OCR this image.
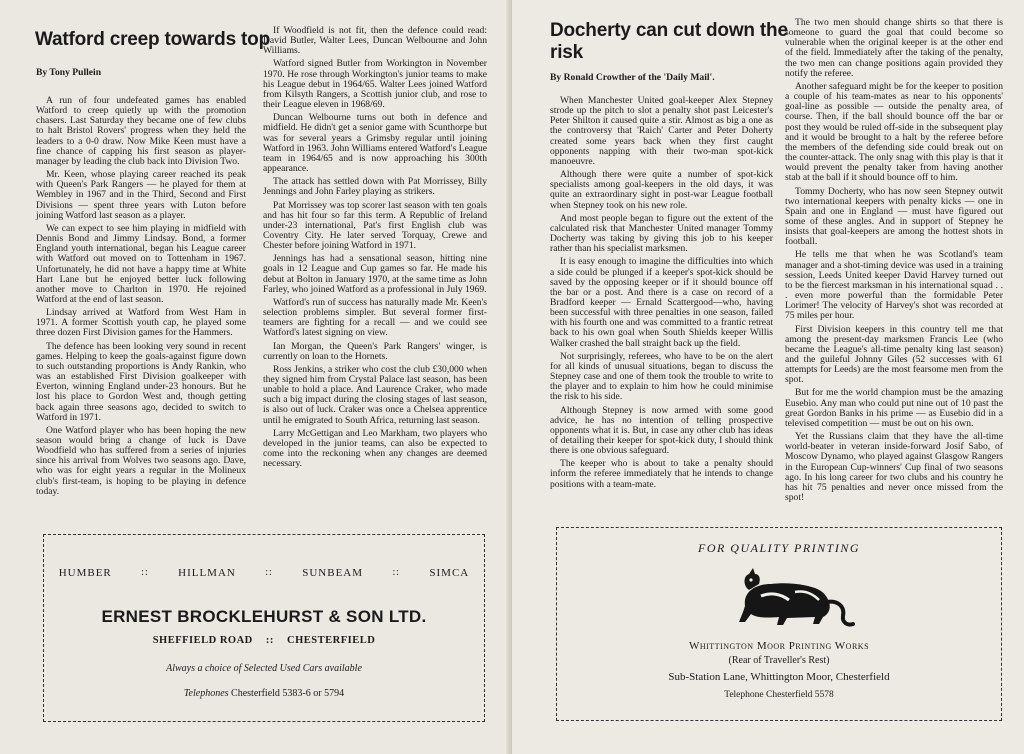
Watford creep towards top
By Tony Pullein

A run of four undefeated games has enabled Watford to creep quietly up with the promotion chasers. Last Saturday they became one of few clubs to halt Bristol Rovers' progress when they held the leaders to a 0-0 draw. Now Mike Keen must have a fine chance of capping his first season as player-manager by leading the club back into Division Two.

Mr. Keen, whose playing career reached its peak with Queen's Park Rangers — he played for them at Wembley in 1967 and in the Third, Second and First Divisions — spent three years with Luton before joining Watford last season as a player.

We can expect to see him playing in midfield with Dennis Bond and Jimmy Lindsay. Bond, a former England youth international, began his League career with Watford out moved on to Tottenham in 1967. Unfortunately, he did not have a happy time at White Hart Lane but he enjoyed better luck following another move to Charlton in 1970. He rejoined Watford at the end of last season.

Lindsay arrived at Watford from West Ham in 1971. A former Scottish youth cap, he played some three dozen First Division games for the Hammers.

The defence has been looking very sound in recent games. Helping to keep the goals-against figure down to such outstanding proportions is Andy Rankin, who was an established First Division goalkeeper with Everton, winning England under-23 honours. But he lost his place to Gordon West and, though getting back again three seasons ago, decided to switch to Watford in 1971.

One Watford player who has been hoping the new season would bring a change of luck is Dave Woodfield who has suffered from a series of injuries since his arrival from Wolves two seasons ago. Dave, who was for eight years a regular in the Molineux club's first-team, is hoping to be playing in defence today.

If Woodfield is not fit, then the defence could read: David Butler, Walter Lees, Duncan Welbourne and John Williams.

Watford signed Butler from Workington in November 1970. He rose through Workington's junior teams to make his League debut in 1964/65. Walter Lees joined Watford from Kilsyth Rangers, a Scottish junior club, and rose to their League eleven in 1968/69.

Duncan Welbourne turns out both in defence and midfield. He didn't get a senior game with Scunthorpe but was for several years a Grimsby regular until joining Watford in 1963. John Williams entered Watford's League team in 1964/65 and is now approaching his 300th appearance.

The attack has settled down with Pat Morrissey, Billy Jennings and John Farley playing as strikers.

Pat Morrissey was top scorer last season with ten goals and has hit four so far this term. A Republic of Ireland under-23 international, Pat's first English club was Coventry City. He later served Torquay, Crewe and Chester before joining Watford in 1971.

Jennings has had a sensational season, hitting nine goals in 12 League and Cup games so far. He made his debut at Bolton in January 1970, at the same time as John Farley, who joined Watford as a professional in July 1969.

Watford's run of success has naturally made Mr. Keen's selection problems simpler. But several former first-teamers are fighting for a recall — and we could see Watford's latest signing on view.

Ian Morgan, the Queen's Park Rangers' winger, is currently on loan to the Hornets.

Ross Jenkins, a striker who cost the club £30,000 when they signed him from Crystal Palace last season, has been unable to hold a place. And Laurence Craker, who made such a big impact during the closing stages of last season, is also out of luck. Craker was once a Chelsea apprentice until he emigrated to South Africa, returning last season.

Larry McGettigan and Leo Markham, two players who developed in the junior teams, can also be expected to come into the reckoning when any changes are deemed necessary.

HUMBER	::	HILLMAN	::	SUNBEAM	::	SIMCA
ERNEST BROCKLEHURST & SON LTD.
SHEFFIELD ROAD :: CHESTERFIELD
Always a choice of Selected Used Cars available
Telephones Chesterfield 5383-6 or 5794
Docherty can cut down the
risk
By Ronald Crowther of the 'Daily Mail'.

When Manchester United goal-keeper Alex Stepney strode up the pitch to slot a penalty shot past Leicester's Peter Shilton it caused quite a stir. Almost as big a one as the controversy that 'Raich' Carter and Peter Doherty created some years back when they first caught opponents napping with their two-man spot-kick manoeuvre.

Although there were quite a number of spot-kick specialists among goal-keepers in the old days, it was quite an extraordinary sight in post-war League football when Stepney took on his new role.

And most people began to figure out the extent of the calculated risk that Manchester United manager Tommy Docherty was taking by giving this job to his keeper rather than his specialist marksmen.

It is easy enough to imagine the difficulties into which a side could be plunged if a keeper's spot-kick should be saved by the opposing keeper or if it should bounce off the bar or a post. And there is a case on record of a Bradford keeper — Ernald Scattergood—who, having been successful with three penalties in one season, failed with his fourth one and was committed to a frantic retreat back to his own goal when South Shields keeper Willis Walker crashed the ball straight back up the field.

Not surprisingly, referees, who have to be on the alert for all kinds of unusual situations, began to discuss the Stepney case and one of them took the trouble to write to the player and to explain to him how he could minimise the risk to his side.

Although Stepney is now armed with some good advice, he has no intention of telling prospective opponents what it is. But, in case any other club has ideas of detailing their keeper for spot-kick duty, I should think there is one obvious safeguard.

The keeper who is about to take a penalty should inform the referee immediately that he intends to change positions with a team-mate.

The two men should change shirts so that there is someone to guard the goal that could become so vulnerable when the original keeper is at the other end of the field. Immediately after the taking of the penalty, the two men can change positions again provided they notify the referee.

Another safeguard might be for the keeper to position a couple of his team-mates as near to his opponents' goal-line as possible — outside the penalty area, of course. Then, if the ball should bounce off the bar or post they would be ruled off-side in the subsequent play and it would be brought to a halt by the referee before the members of the defending side could break out on the counter-attack. The only snag with this play is that it would prevent the penalty taker from having another stab at the ball if it should bounce off to him.

Tommy Docherty, who has now seen Stepney outwit two international keepers with penalty kicks — one in Spain and one in England — must have figured out some of these angles. And in support of Stepney he insists that goal-keepers are among the hottest shots in football.

He tells me that when he was Scotland's team manager and a shot-timing device was used in a training session, Leeds United keeper David Harvey turned out to be the fiercest marksman in his international squad . . . even more powerful than the formidable Peter Lorimer! The velocity of Harvey's shot was recorded at 75 miles per hour.

First Division keepers in this country tell me that among the present-day marksmen Francis Lee (who became the League's all-time penalty king last season) and the guileful Johnny Giles (52 successes with 61 attempts for Leeds) are the most fearsome men from the spot.

But for me the world champion must be the amazing Eusebio. Any man who could put nine out of 10 past the great Gordon Banks in his prime — as Eusebio did in a televised competition — must be out on his own.

Yet the Russians claim that they have the all-time world-beater in veteran inside-forward Josif Sabo, of Moscow Dynamo, who played against Glasgow Rangers in the European Cup-winners' Cup final of two seasons ago. In his long career for two clubs and his country he has hit 75 penalties and never once missed from the spot!

FOR QUALITY PRINTING
Whittington Moor Printing Works
(Rear of Traveller's Rest)
Sub-Station Lane, Whittington Moor, Chesterfield
Telephone Chesterfield 5578
